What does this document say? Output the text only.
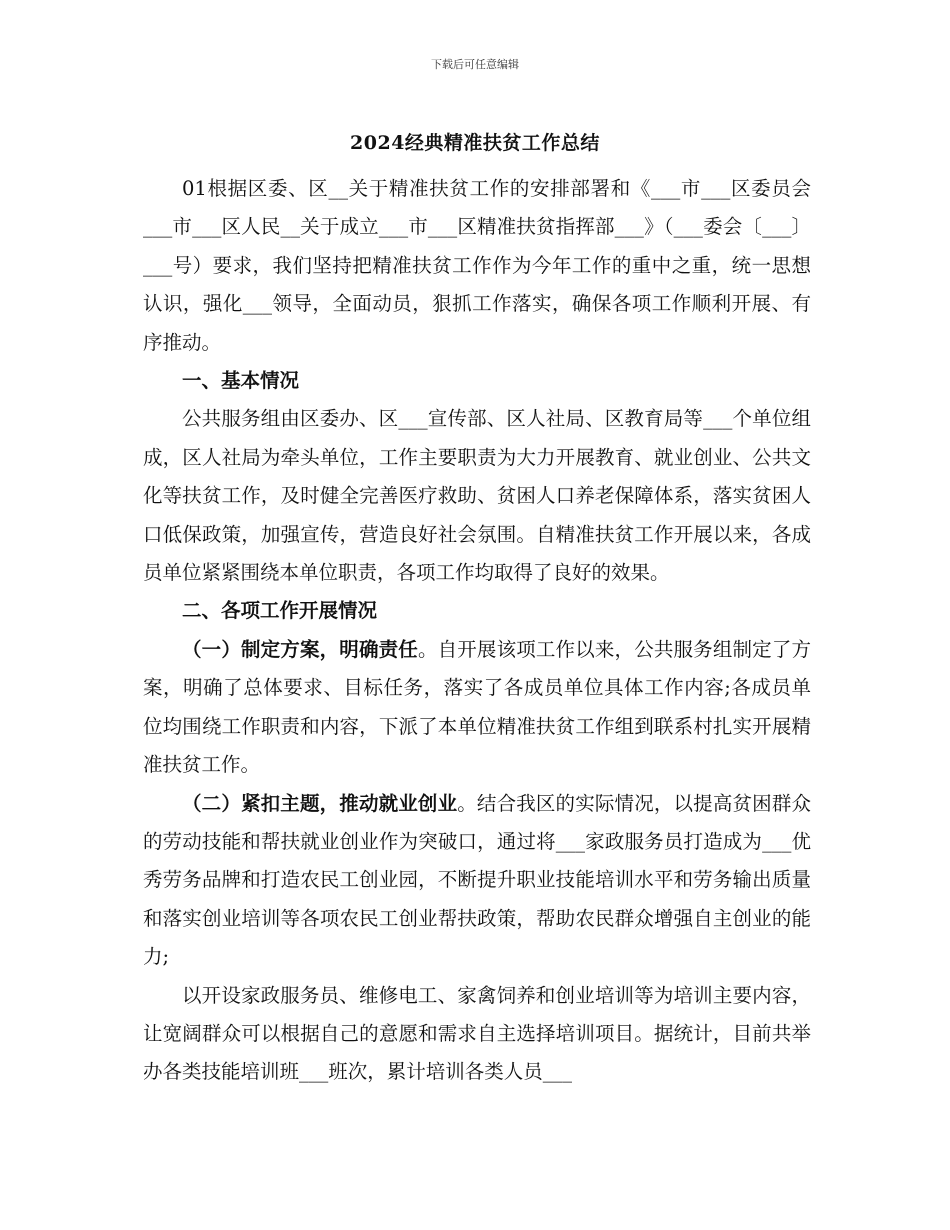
下载后可任意编辑
2024经典精准扶贫工作总结

01根据区委、区__关于精准扶贫工作的安排部署和《___市___区委员会___市___区人民__关于成立___市___区精准扶贫指挥部___》（___委会〔___〕___号）要求，我们坚持把精准扶贫工作作为今年工作的重中之重，统一思想认识，强化___领导，全面动员，狠抓工作落实，确保各项工作顺利开展、有序推动。

一、基本情况

公共服务组由区委办、区___宣传部、区人社局、区教育局等___个单位组成，区人社局为牵头单位，工作主要职责为大力开展教育、就业创业、公共文化等扶贫工作，及时健全完善医疗救助、贫困人口养老保障体系，落实贫困人口低保政策，加强宣传，营造良好社会氛围。自精准扶贫工作开展以来，各成员单位紧紧围绕本单位职责，各项工作均取得了良好的效果。

二、各项工作开展情况

（一）制定方案，明确责任。自开展该项工作以来，公共服务组制定了方案，明确了总体要求、目标任务，落实了各成员单位具体工作内容;各成员单位均围绕工作职责和内容，下派了本单位精准扶贫工作组到联系村扎实开展精准扶贫工作。

（二）紧扣主题，推动就业创业。结合我区的实际情况，以提高贫困群众的劳动技能和帮扶就业创业作为突破口，通过将___家政服务员打造成为___优秀劳务品牌和打造农民工创业园，不断提升职业技能培训水平和劳务输出质量和落实创业培训等各项农民工创业帮扶政策，帮助农民群众增强自主创业的能力;

以开设家政服务员、维修电工、家禽饲养和创业培训等为培训主要内容，让宽阔群众可以根据自己的意愿和需求自主选择培训项目。据统计，目前共举办各类技能培训班___班次，累计培训各类人员___
